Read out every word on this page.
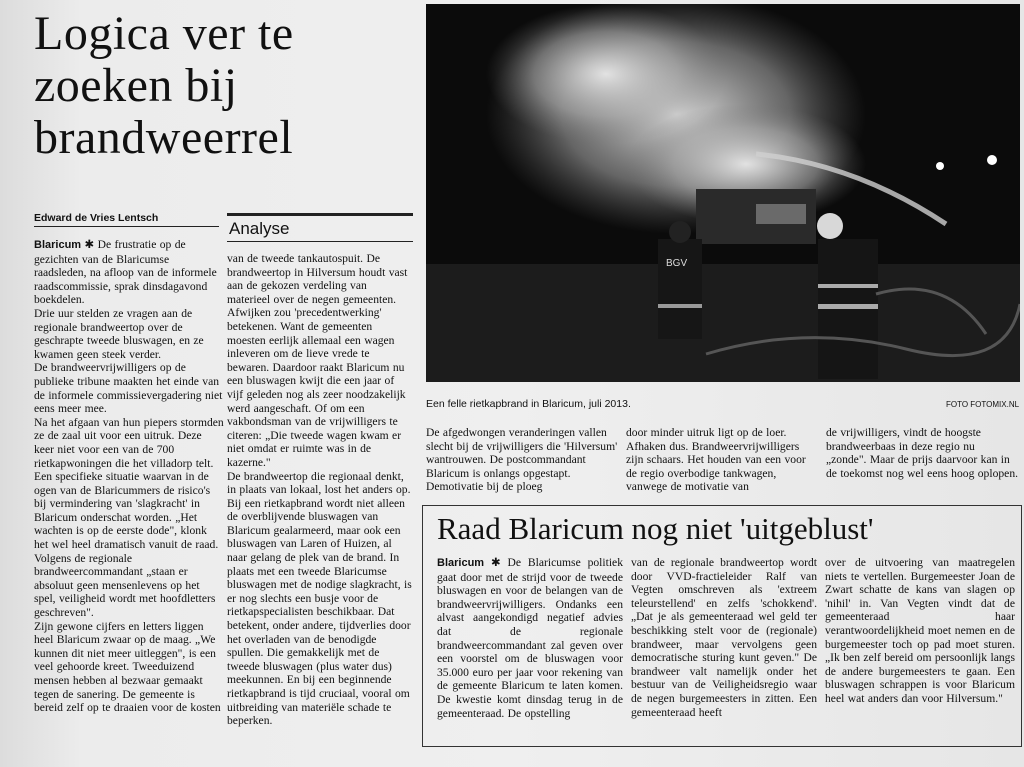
Logica ver te zoeken bij brandweerrel
Edward de Vries Lentsch
Analyse

Blaricum ✱ De frustratie op de gezichten van de Blaricumse raadsleden, na afloop van de informele raadscommissie, sprak dinsdagavond boekdelen.

Drie uur stelden ze vragen aan de regionale brandweertop over de geschrapte tweede bluswagen, en ze kwamen geen steek verder.

De brandweervrijwilligers op de publieke tribune maakten het einde van de informele commissievergadering niet eens meer mee.

Na het afgaan van hun piepers stormden ze de zaal uit voor een uitruk. Deze keer niet voor een van de 700 rietkapwoningen die het villadorp telt.

Een specifieke situatie waarvan in de ogen van de Blaricummers de risico's bij vermindering van 'slagkracht' in Blaricum onderschat worden. „Het wachten is op de eerste dode", klonk het wel heel dramatisch vanuit de raad. Volgens de regionale brandweercommandant „staan er absoluut geen mensenlevens op het spel, veiligheid wordt met hoofdletters geschreven".

Zijn gewone cijfers en letters liggen heel Blaricum zwaar op de maag. „We kunnen dit niet meer uitleggen", is een veel gehoorde kreet. Tweeduizend mensen hebben al bezwaar gemaakt tegen de sanering. De gemeente is bereid zelf op te draaien voor de kosten

van de tweede tankautospuit. De brandweertop in Hilversum houdt vast aan de gekozen verdeling van materieel over de negen gemeenten. Afwijken zou 'precedentwerking' betekenen. Want de gemeenten moesten eerlijk allemaal een wagen inleveren om de lieve vrede te bewaren. Daardoor raakt Blaricum nu een bluswagen kwijt die een jaar of vijf geleden nog als zeer noodzakelijk werd aangeschaft. Of om een vakbondsman van de vrijwilligers te citeren: „Die tweede wagen kwam er niet omdat er ruimte was in de kazerne."

De brandweertop die regionaal denkt, in plaats van lokaal, lost het anders op. Bij een rietkapbrand wordt niet alleen de overblijvende bluswagen van Blaricum gealarmeerd, maar ook een bluswagen van Laren of Huizen, al naar gelang de plek van de brand. In plaats met een tweede Blaricumse bluswagen met de nodige slagkracht, is er nog slechts een busje voor de rietkapspecialisten beschikbaar. Dat betekent, onder andere, tijdverlies door het overladen van de benodigde spullen. Die gemakkelijk met de tweede bluswagen (plus water dus) meekunnen. En bij een beginnende rietkapbrand is tijd cruciaal, vooral om uitbreiding van materiële schade te beperken.

BGV
Een felle rietkapbrand in Blaricum, juli 2013.	FOTO FOTOMIX.NL
De afgedwongen veranderingen vallen slecht bij de vrijwilligers die 'Hilversum' wantrouwen. De postcommandant Blaricum is onlangs opgestapt. Demotivatie bij de ploeg
door minder uitruk ligt op de loer. Afhaken dus. Brandweervrijwilligers zijn schaars. Het houden van een voor de regio overbodige tankwagen, vanwege de motivatie van
de vrijwilligers, vindt de hoogste brandweerbaas in deze regio nu „zonde". Maar de prijs daarvoor kan in de toekomst nog wel eens hoog oplopen.
Raad Blaricum nog niet 'uitgeblust'
Blaricum ✱ De Blaricumse politiek gaat door met de strijd voor de tweede bluswagen en voor de belangen van de brandweervrijwilligers. Ondanks een alvast aangekondigd negatief advies dat de regionale brandweercommandant zal geven over een voorstel om de bluswagen voor 35.000 euro per jaar voor rekening van de gemeente Blaricum te laten komen. De kwestie komt dinsdag terug in de gemeenteraad. De opstelling
van de regionale brandweertop wordt door VVD-fractieleider Ralf van Vegten omschreven als 'extreem teleurstellend' en zelfs 'schokkend'. „Dat je als gemeenteraad wel geld ter beschikking stelt voor de (regionale) brandweer, maar vervolgens geen democratische sturing kunt geven." De brandweer valt namelijk onder het bestuur van de Veiligheidsregio waar de negen burgemeesters in zitten. Een gemeenteraad heeft
over de uitvoering van maatregelen niets te vertellen. Burgemeester Joan de Zwart schatte de kans van slagen op 'nihil' in. Van Vegten vindt dat de gemeenteraad haar verantwoordelijkheid moet nemen en de burgemeester toch op pad moet sturen. „Ik ben zelf bereid om persoonlijk langs de andere burgemeesters te gaan. Een bluswagen schrappen is voor Blaricum heel wat anders dan voor Hilversum."
